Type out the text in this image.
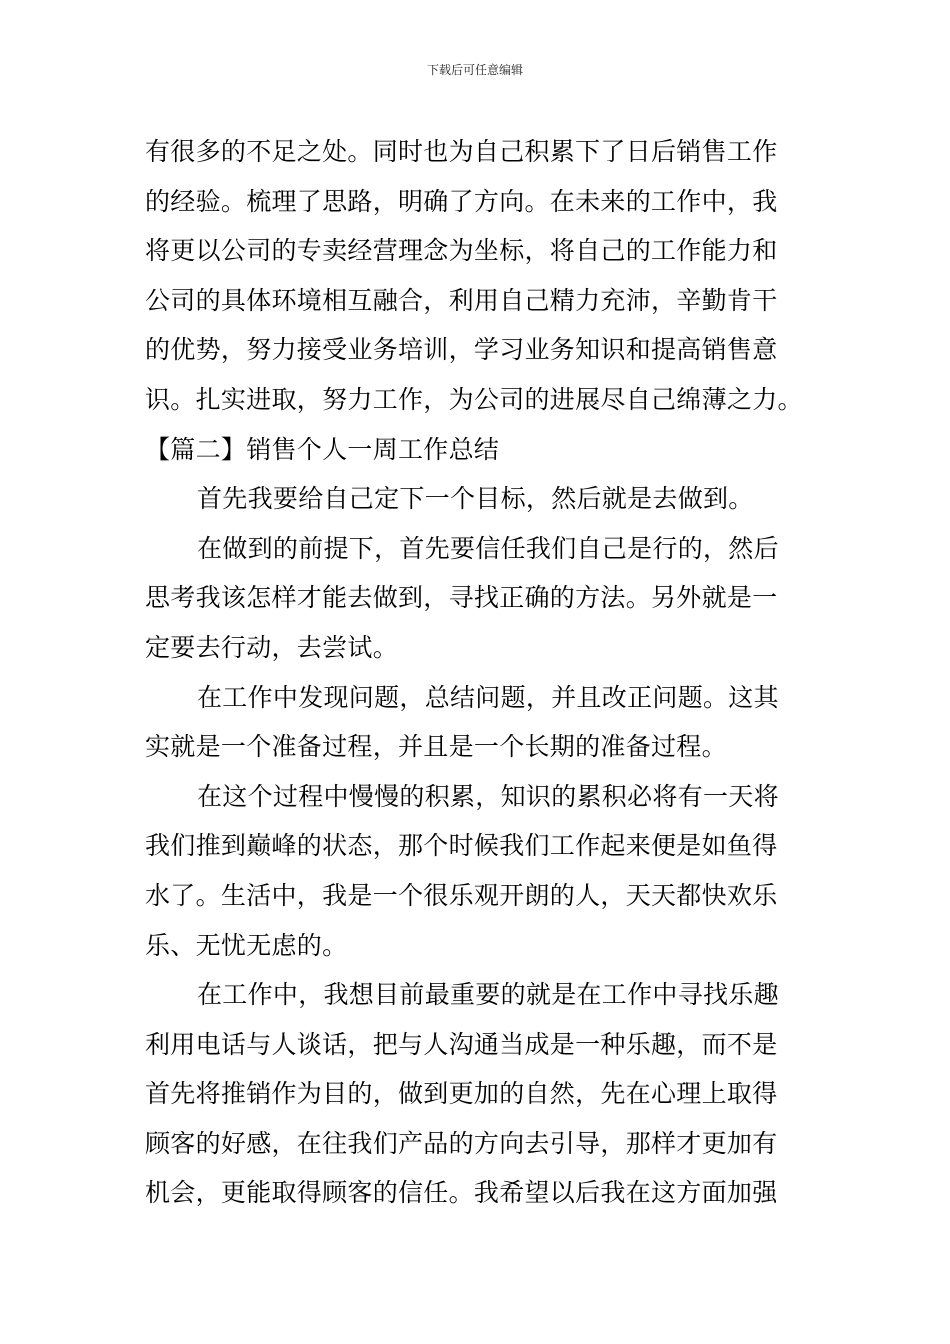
下载后可任意编辑
有很多的不足之处。同时也为自己积累下了日后销售工作
的经验。梳理了思路，明确了方向。在未来的工作中，我
将更以公司的专卖经营理念为坐标，将自己的工作能力和
公司的具体环境相互融合，利用自己精力充沛，辛勤肯干
的优势，努力接受业务培训，学习业务知识和提高销售意
识。扎实进取，努力工作，为公司的进展尽自己绵薄之力。
【篇二】销售个人一周工作总结
首先我要给自己定下一个目标，然后就是去做到。
在做到的前提下，首先要信任我们自己是行的，然后
思考我该怎样才能去做到，寻找正确的方法。另外就是一
定要去行动，去尝试。
在工作中发现问题，总结问题，并且改正问题。这其
实就是一个准备过程，并且是一个长期的准备过程。
在这个过程中慢慢的积累，知识的累积必将有一天将
我们推到巅峰的状态，那个时候我们工作起来便是如鱼得
水了。生活中，我是一个很乐观开朗的人，天天都快欢乐
乐、无忧无虑的。
在工作中，我想目前最重要的就是在工作中寻找乐趣
利用电话与人谈话，把与人沟通当成是一种乐趣，而不是
首先将推销作为目的，做到更加的自然，先在心理上取得
顾客的好感，在往我们产品的方向去引导，那样才更加有
机会，更能取得顾客的信任。我希望以后我在这方面加强
